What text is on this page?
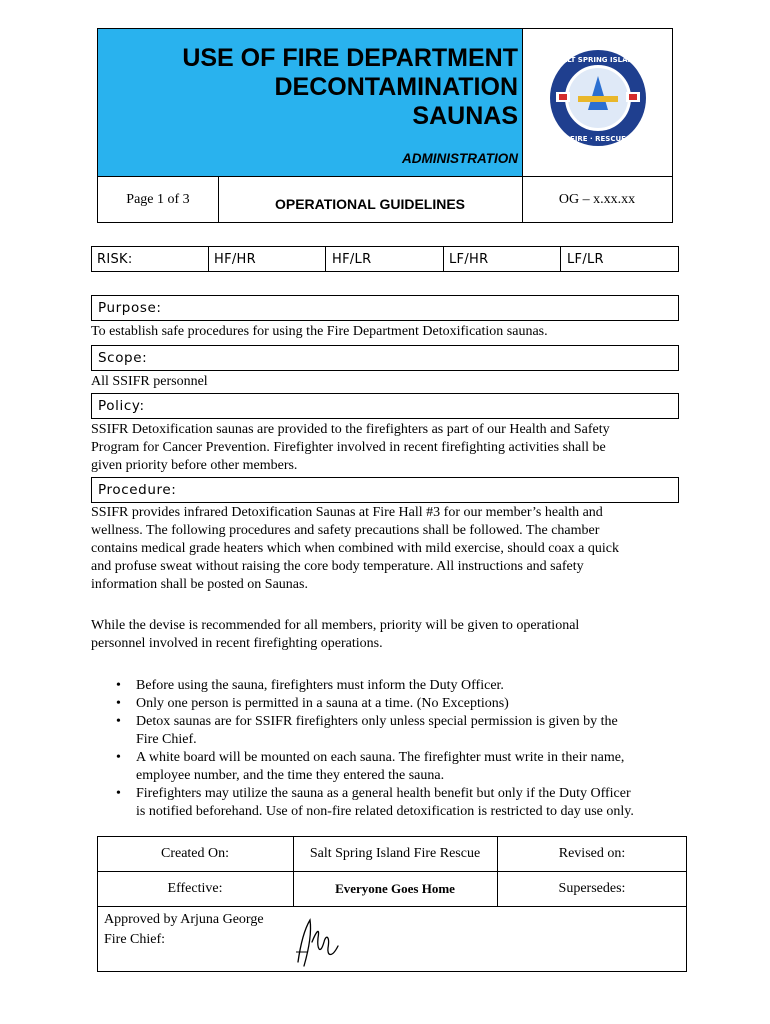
USE OF FIRE DEPARTMENT
DECONTAMINATION
SAUNAS
ADMINISTRATION
SALT SPRING ISLAND
FIRE · RESCUE
Page 1 of 3	OPERATIONAL GUIDELINES	OG – x.xx.xx
RISK:	HF/HR	HF/LR	LF/HR	LF/LR
Purpose:
To establish safe procedures for using the Fire Department Detoxification saunas.
Scope:
All SSIFR personnel
Policy:
SSIFR Detoxification saunas are provided to the firefighters as part of our Health and Safety
Program for Cancer Prevention. Firefighter involved in recent firefighting activities shall be
given priority before other members.
Procedure:
SSIFR provides infrared Detoxification Saunas at Fire Hall #3 for our member’s health and
wellness. The following procedures and safety precautions shall be followed. The chamber
contains medical grade heaters which when combined with mild exercise, should coax a quick
and profuse sweat without raising the core body temperature. All instructions and safety
information shall be posted on Saunas.
While the devise is recommended for all members, priority will be given to operational
personnel involved in recent firefighting operations.
• Before using the sauna, firefighters must inform the Duty Officer.
• Only one person is permitted in a sauna at a time. (No Exceptions)
• Detox saunas are for SSIFR firefighters only unless special permission is given by the
Fire Chief.
• A white board will be mounted on each sauna. The firefighter must write in their name,
employee number, and the time they entered the sauna.
• Firefighters may utilize the sauna as a general health benefit but only if the Duty Officer
is notified beforehand. Use of non-fire related detoxification is restricted to day use only.
Created On:	Salt Spring Island Fire Rescue	Revised on:
Effective:	Everyone Goes Home	Supersedes:
Approved by Arjuna George
Fire Chief:
